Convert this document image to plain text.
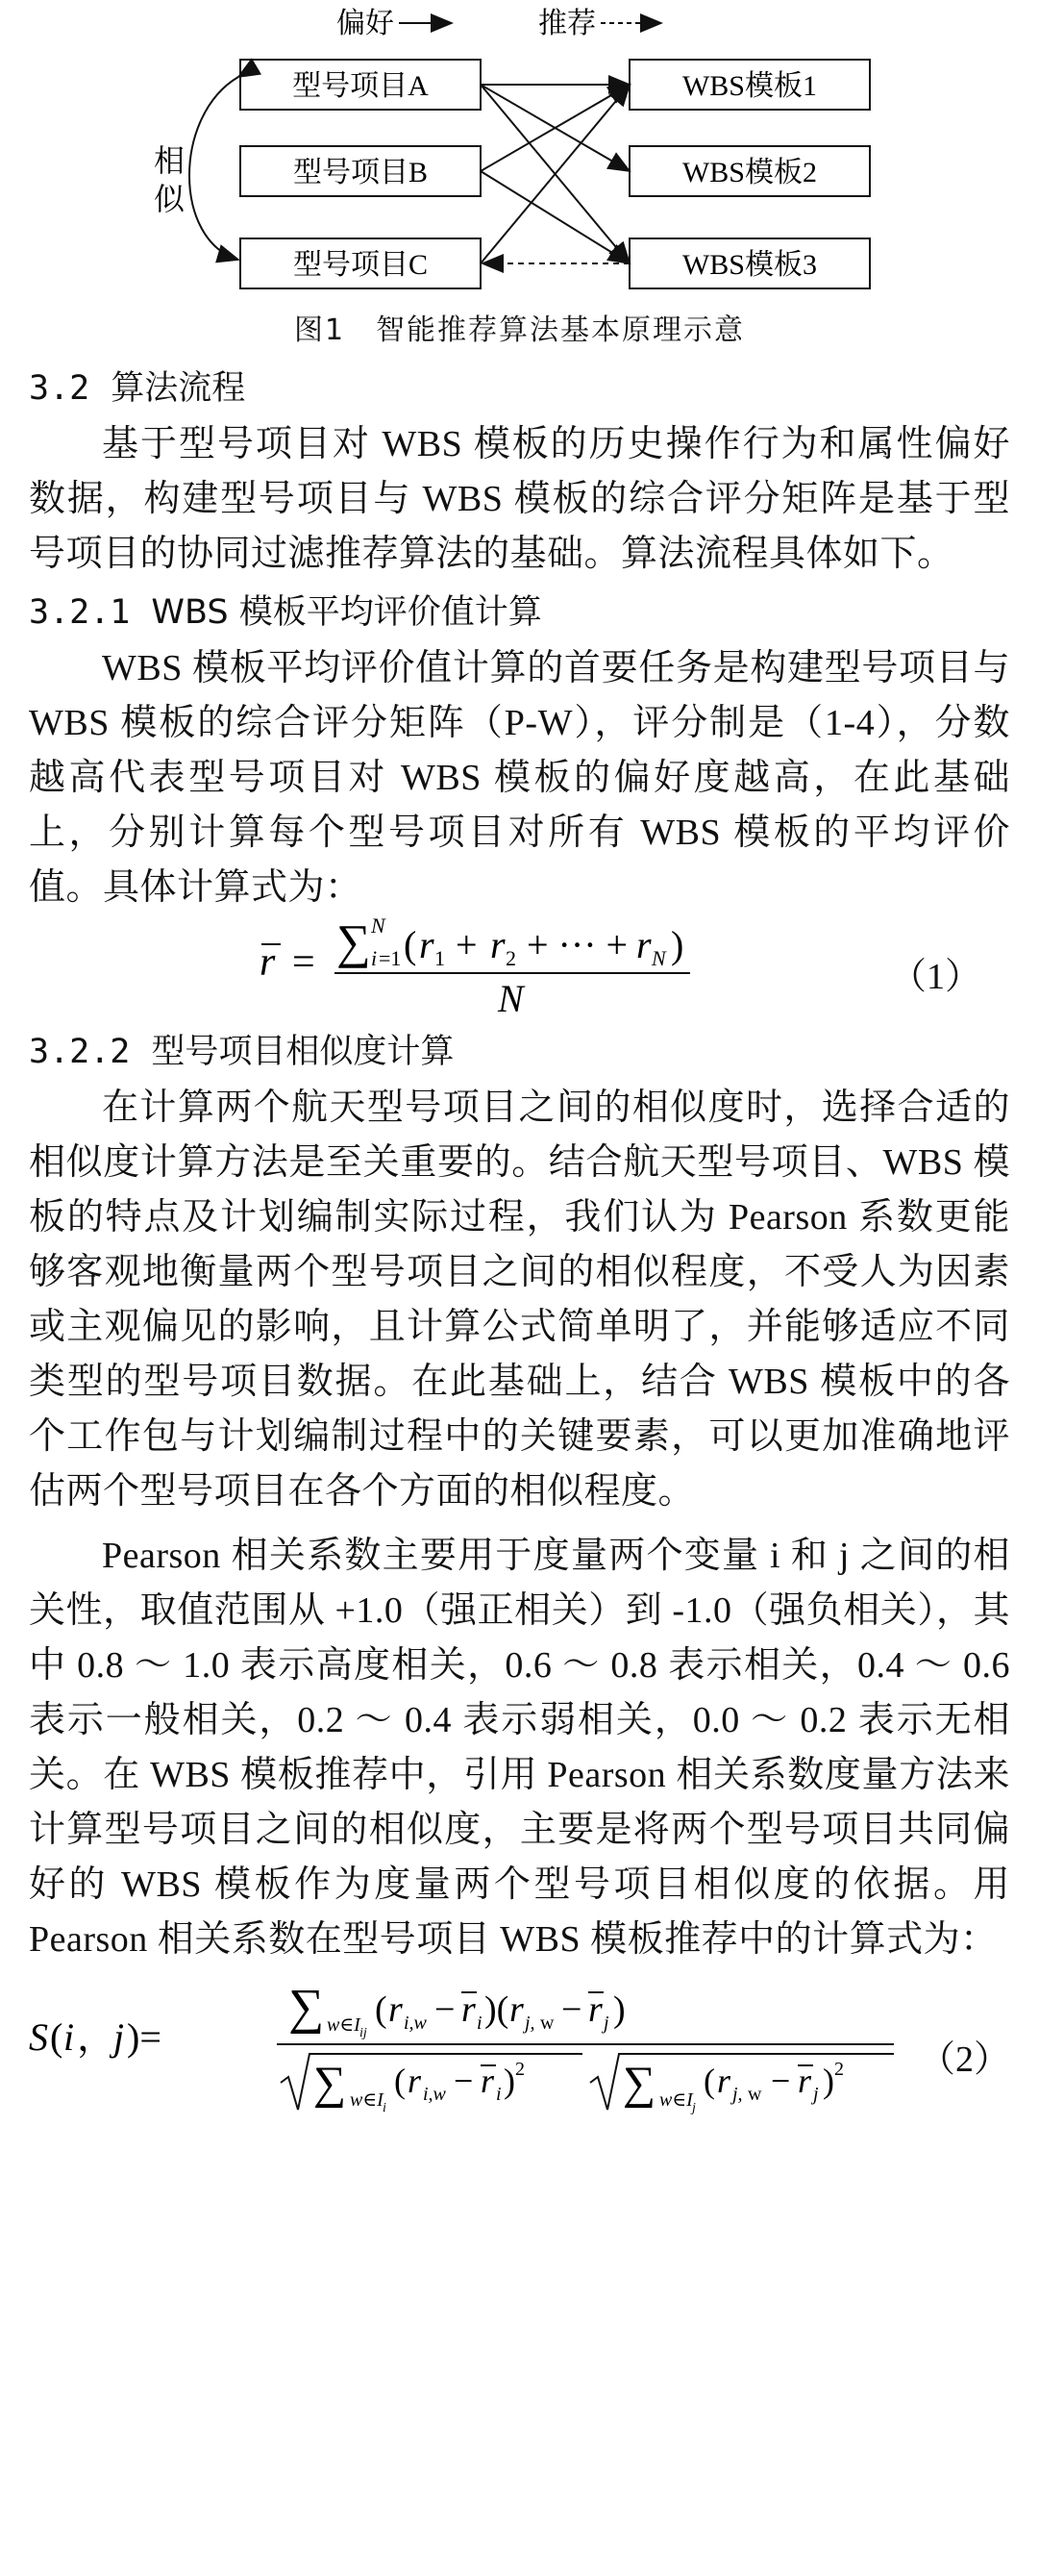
偏好	推荐
型号项目A
型号项目B
型号项目C
WBS模板1
WBS模板2
WBS模板3
相
似
图1　智能推荐算法基本原理示意
3.2 算法流程

基于型号项目对 WBS 模板的历史操作行为和属性偏好数据，构建型号项目与 WBS 模板的综合评分矩阵是基于型号项目的协同过滤推荐算法的基础。算法流程具体如下。

3.2.1 WBS 模板平均评价值计算

WBS 模板平均评价值计算的首要任务是构建型号项目与 WBS 模板的综合评分矩阵（P-W），评分制是（1-4），分数越高代表型号项目对 WBS 模板的偏好度越高，在此基础上，分别计算每个型号项目对所有 WBS 模板的平均评价值。具体计算式为：

r = ∑ N
i =1 ( r 1 + r 2 + ··· + r N )
N	（1）
3.2.2 型号项目相似度计算

在计算两个航天型号项目之间的相似度时，选择合适的相似度计算方法是至关重要的。结合航天型号项目、WBS 模板的特点及计划编制实际过程，我们认为 Pearson 系数更能够客观地衡量两个型号项目之间的相似程度，不受人为因素或主观偏见的影响，且计算公式简单明了，并能够适应不同类型的型号项目数据。在此基础上，结合 WBS 模板中的各个工作包与计划编制过程中的关键要素，可以更加准确地评估两个型号项目在各个方面的相似程度。

Pearson 相关系数主要用于度量两个变量 i 和 j 之间的相关性，取值范围从 +1.0（强正相关）到 -1.0（强负相关），其中 0.8 ～ 1.0 表示高度相关，0.6 ～ 0.8 表示相关，0.4 ～ 0.6 表示一般相关，0.2 ～ 0.4 表示弱相关，0.0 ～ 0.2 表示无相关。在 WBS 模板推荐中，引用 Pearson 相关系数度量方法来计算型号项目之间的相似度，主要是将两个型号项目共同偏好的 WBS 模板作为度量两个型号项目相似度的依据。用 Pearson 相关系数在型号项目 WBS 模板推荐中的计算式为：

S ( i ，
j )=
∑ w∈I ij
( r i,w − r i )( r j, w − r j )
∑ w∈I i
( r i,w − r i ) 2 ∑ w∈I j
( r j, w − r j ) 2 （2）
